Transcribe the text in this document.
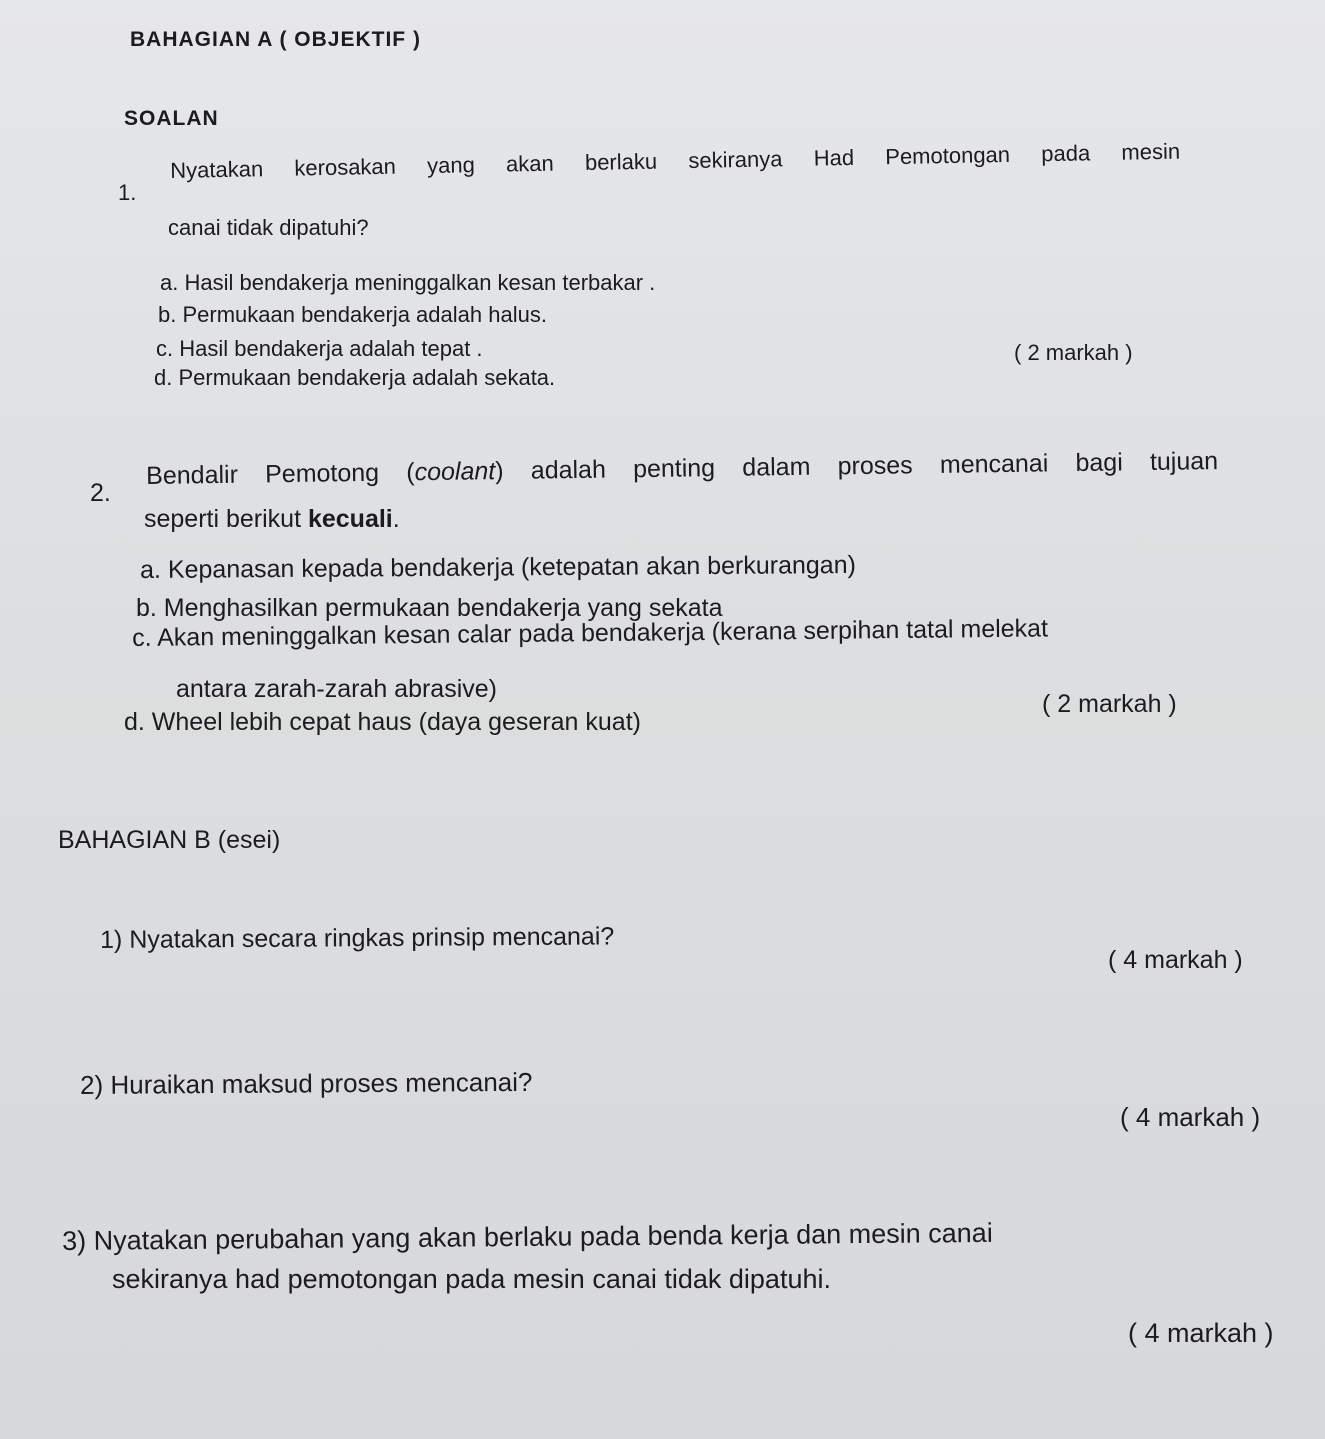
BAHAGIAN A ( OBJEKTIF )

SOALAN

1.

Nyatakan kerosakan yang akan berlaku sekiranya Had Pemotongan pada mesin

canai tidak dipatuhi?

a. Hasil bendakerja meninggalkan kesan terbakar .

b. Permukaan bendakerja adalah halus.

c. Hasil bendakerja adalah tepat .

d. Permukaan bendakerja adalah sekata.

( 2 markah )

2.

Bendalir Pemotong (coolant) adalah penting dalam proses mencanai bagi tujuan

seperti berikut kecuali.

a. Kepanasan kepada bendakerja (ketepatan akan berkurangan)

b. Menghasilkan permukaan bendakerja yang sekata

c. Akan meninggalkan kesan calar pada bendakerja (kerana serpihan tatal melekat

antara zarah-zarah abrasive)

d. Wheel lebih cepat haus (daya geseran kuat)

( 2 markah )

BAHAGIAN B (esei)

1) Nyatakan secara ringkas prinsip mencanai?

( 4 markah )

2) Huraikan maksud proses mencanai?

( 4 markah )

3) Nyatakan perubahan yang akan berlaku pada benda kerja dan mesin canai

sekiranya had pemotongan pada mesin canai tidak dipatuhi.

( 4 markah )
